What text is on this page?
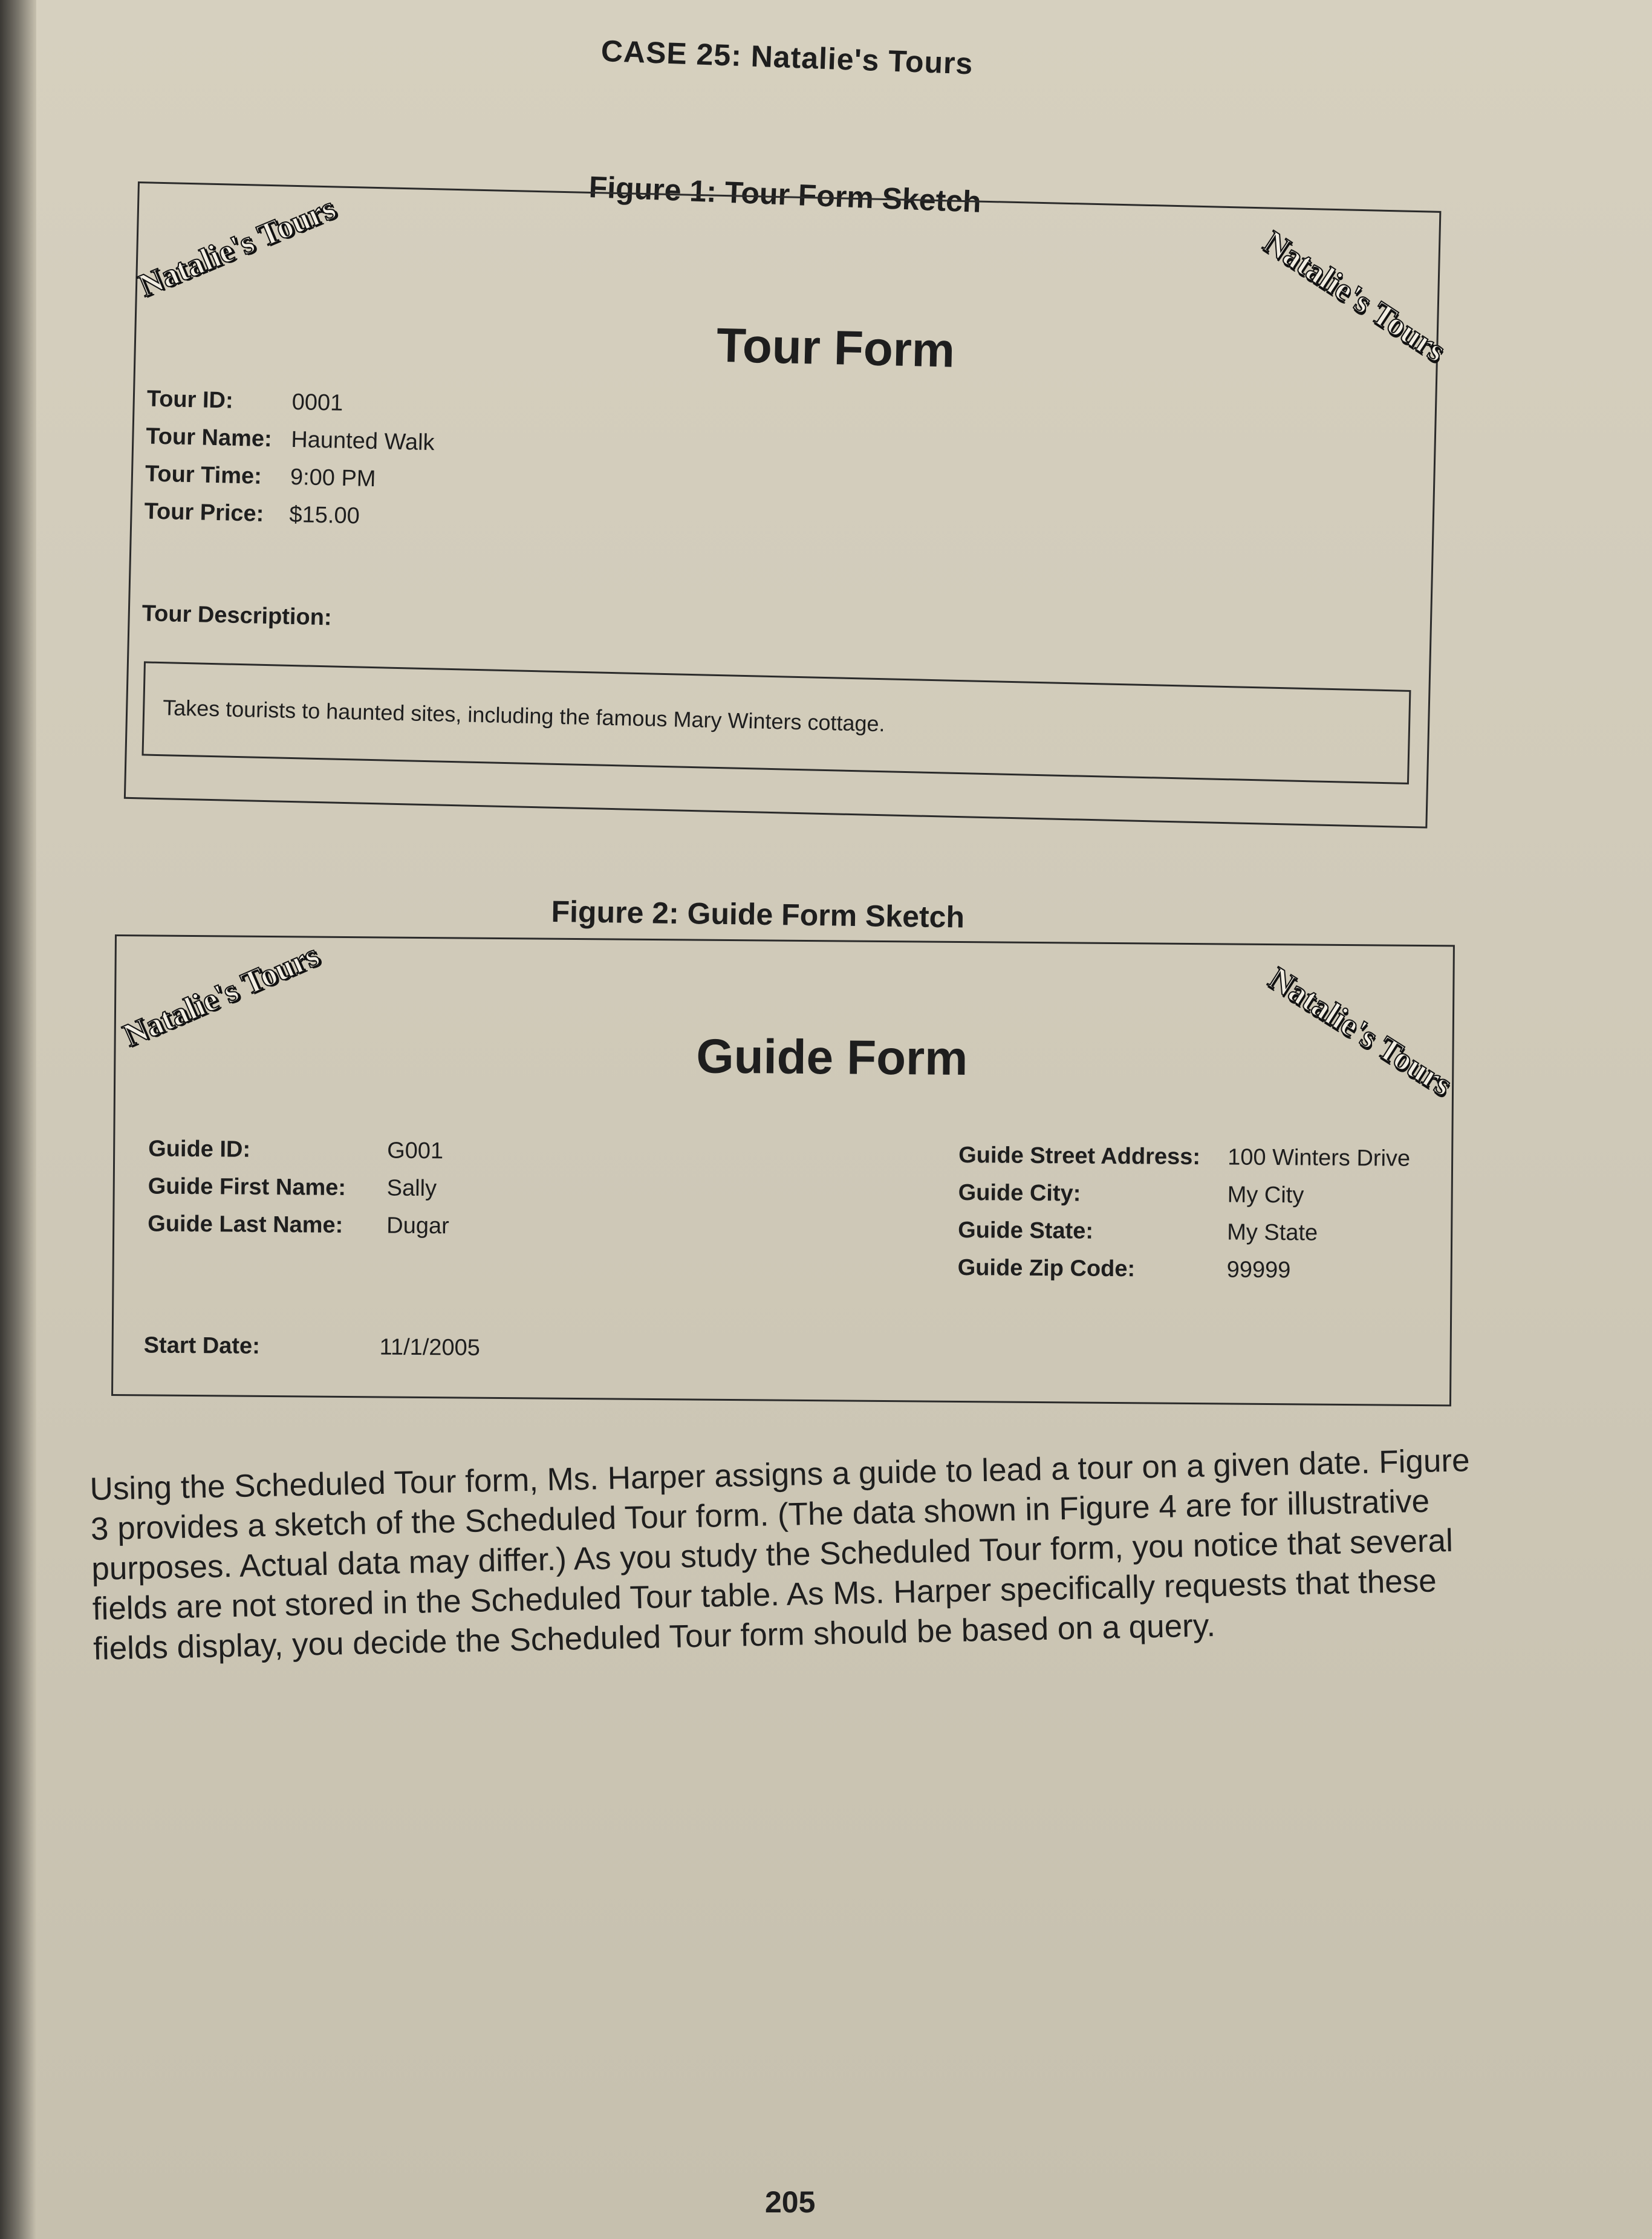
CASE 25: Natalie's Tours
Figure 1: Tour Form Sketch
Natalie's Tours	Natalie's Tours
Tour Form
Tour ID:	0001
Tour Name: Haunted Walk
Tour Time: 9:00 PM
Tour Price: $15.00
Tour Description:
Takes tourists to haunted sites, including the famous Mary Winters cottage.
Figure 2: Guide Form Sketch
Natalie's Tours	Natalie's Tours
Guide Form
Guide ID:	G001
Guide First Name: Sally
Guide Last Name: Dugar
Guide Street Address: 100 Winters Drive
Guide City:	My City
Guide State:	My State
Guide Zip Code:	99999
Start Date:	11/1/2005

Using the Scheduled Tour form, Ms. Harper assigns a guide to lead a tour on a given date. Figure 3 provides a sketch of the Scheduled Tour form. (The data shown in Figure 4 are for illustrative purposes. Actual data may differ.) As you study the Scheduled Tour form, you notice that several fields are not stored in the Scheduled Tour table. As Ms. Harper specifically requests that these fields display, you decide the Scheduled Tour form should be based on a query.

205
